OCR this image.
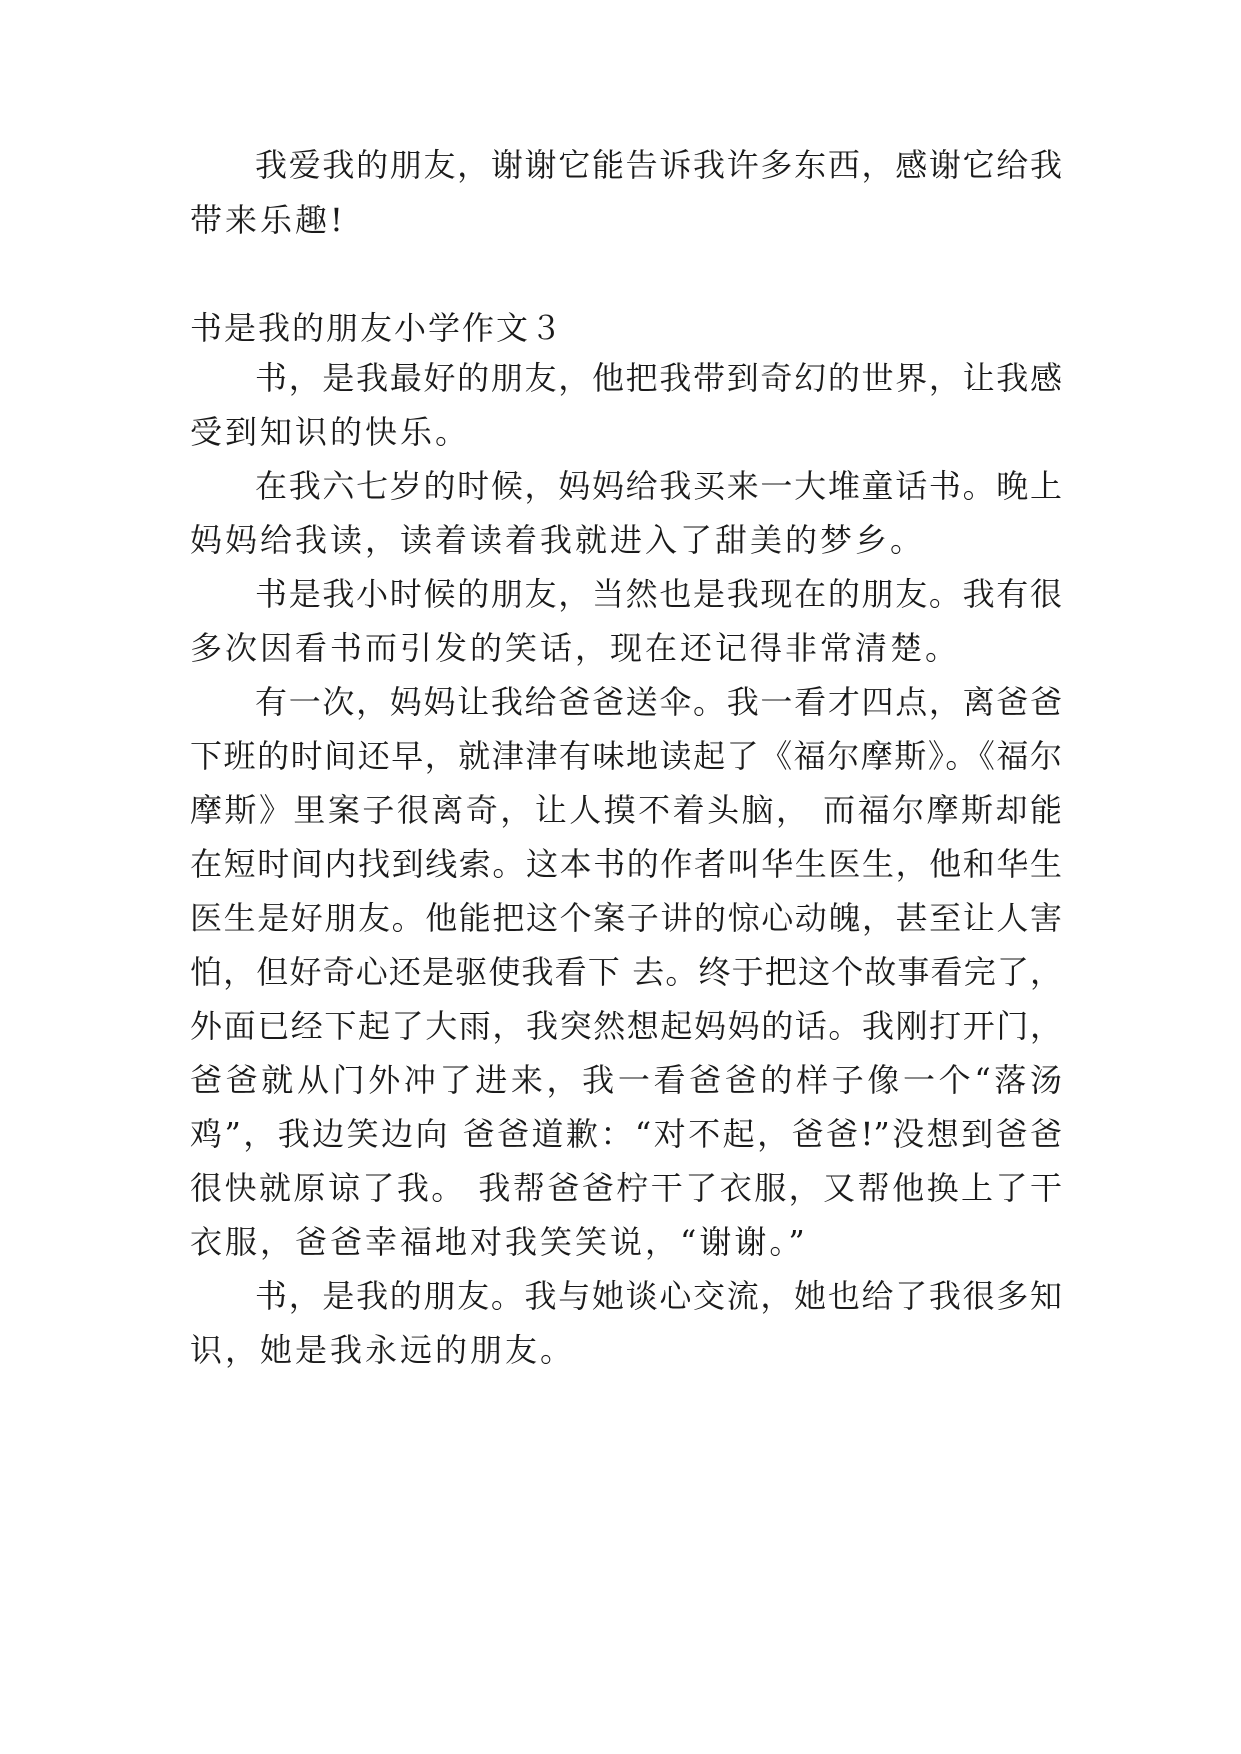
我爱我的朋友，谢谢它能告诉我许多东西，感谢它给我
带来乐趣!
书是我的朋友小学作文３
书，是我最好的朋友，他把我带到奇幻的世界，让我感
受到知识的快乐。
在我六七岁的时候，妈妈给我买来一大堆童话书。晚上
妈妈给我读，读着读着我就进入了甜美的梦乡。
书是我小时候的朋友，当然也是我现在的朋友。我有很
多次因看书而引发的笑话，现在还记得非常清楚。
有一次，妈妈让我给爸爸送伞。我一看才四点，离爸爸
下班的时间还早，就津津有味地读起了《福尔摩斯》。《福尔
摩斯》里案子很离奇，让人摸不着头脑， 而福尔摩斯却能
在短时间内找到线索。这本书的作者叫华生医生，他和华生
医生是好朋友。他能把这个案子讲的惊心动魄，甚至让人害
怕，但好奇心还是驱使我看下 去。终于把这个故事看完了，
外面已经下起了大雨，我突然想起妈妈的话。我刚打开门，
爸爸就从门外冲了进来，我一看爸爸的样子像一个“落汤
鸡”，我边笑边向 爸爸道歉：“对不起，爸爸!”没想到爸爸
很快就原谅了我。 我帮爸爸柠干了衣服，又帮他换上了干
衣服，爸爸幸福地对我笑笑说，“谢谢。”
书，是我的朋友。我与她谈心交流，她也给了我很多知
识，她是我永远的朋友。
